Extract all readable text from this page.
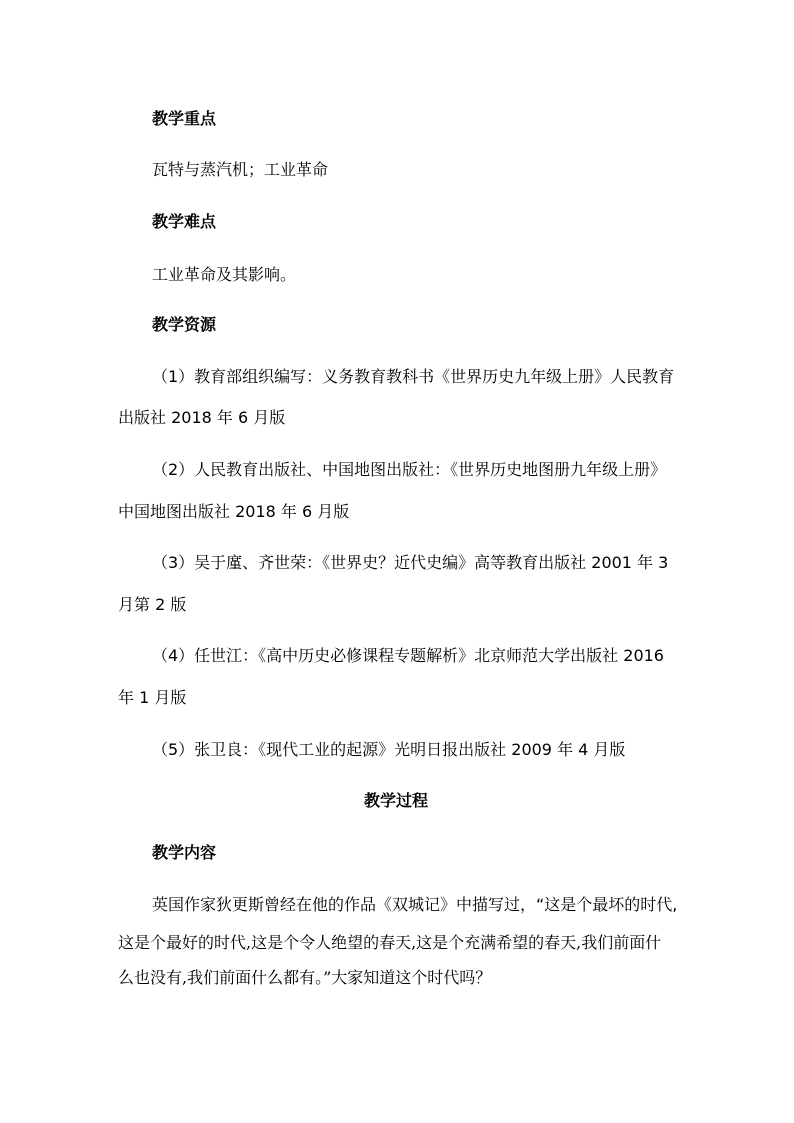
教学重点
瓦特与蒸汽机；工业革命
教学难点
工业革命及其影响。
教学资源
（1）教育部组织编写：义务教育教科书《世界历史九年级上册》人民教育
出版社 2018 年 6 月版
（2）人民教育出版社、中国地图出版社：《世界历史地图册九年级上册》
中国地图出版社 2018 年 6 月版
（3）吴于廑、齐世荣：《世界史？近代史编》高等教育出版社 2001 年 3
月第 2 版
（4）任世江：《高中历史必修课程专题解析》北京师范大学出版社 2016
年 1 月版
（5）张卫良：《现代工业的起源》光明日报出版社 2009 年 4 月版
教学过程
教学内容
英国作家狄更斯曾经在他的作品《双城记》中描写过，“这是个最坏的时代,
这是个最好的时代,这是个令人绝望的春天,这是个充满希望的春天,我们前面什
么也没有,我们前面什么都有。”大家知道这个时代吗？
